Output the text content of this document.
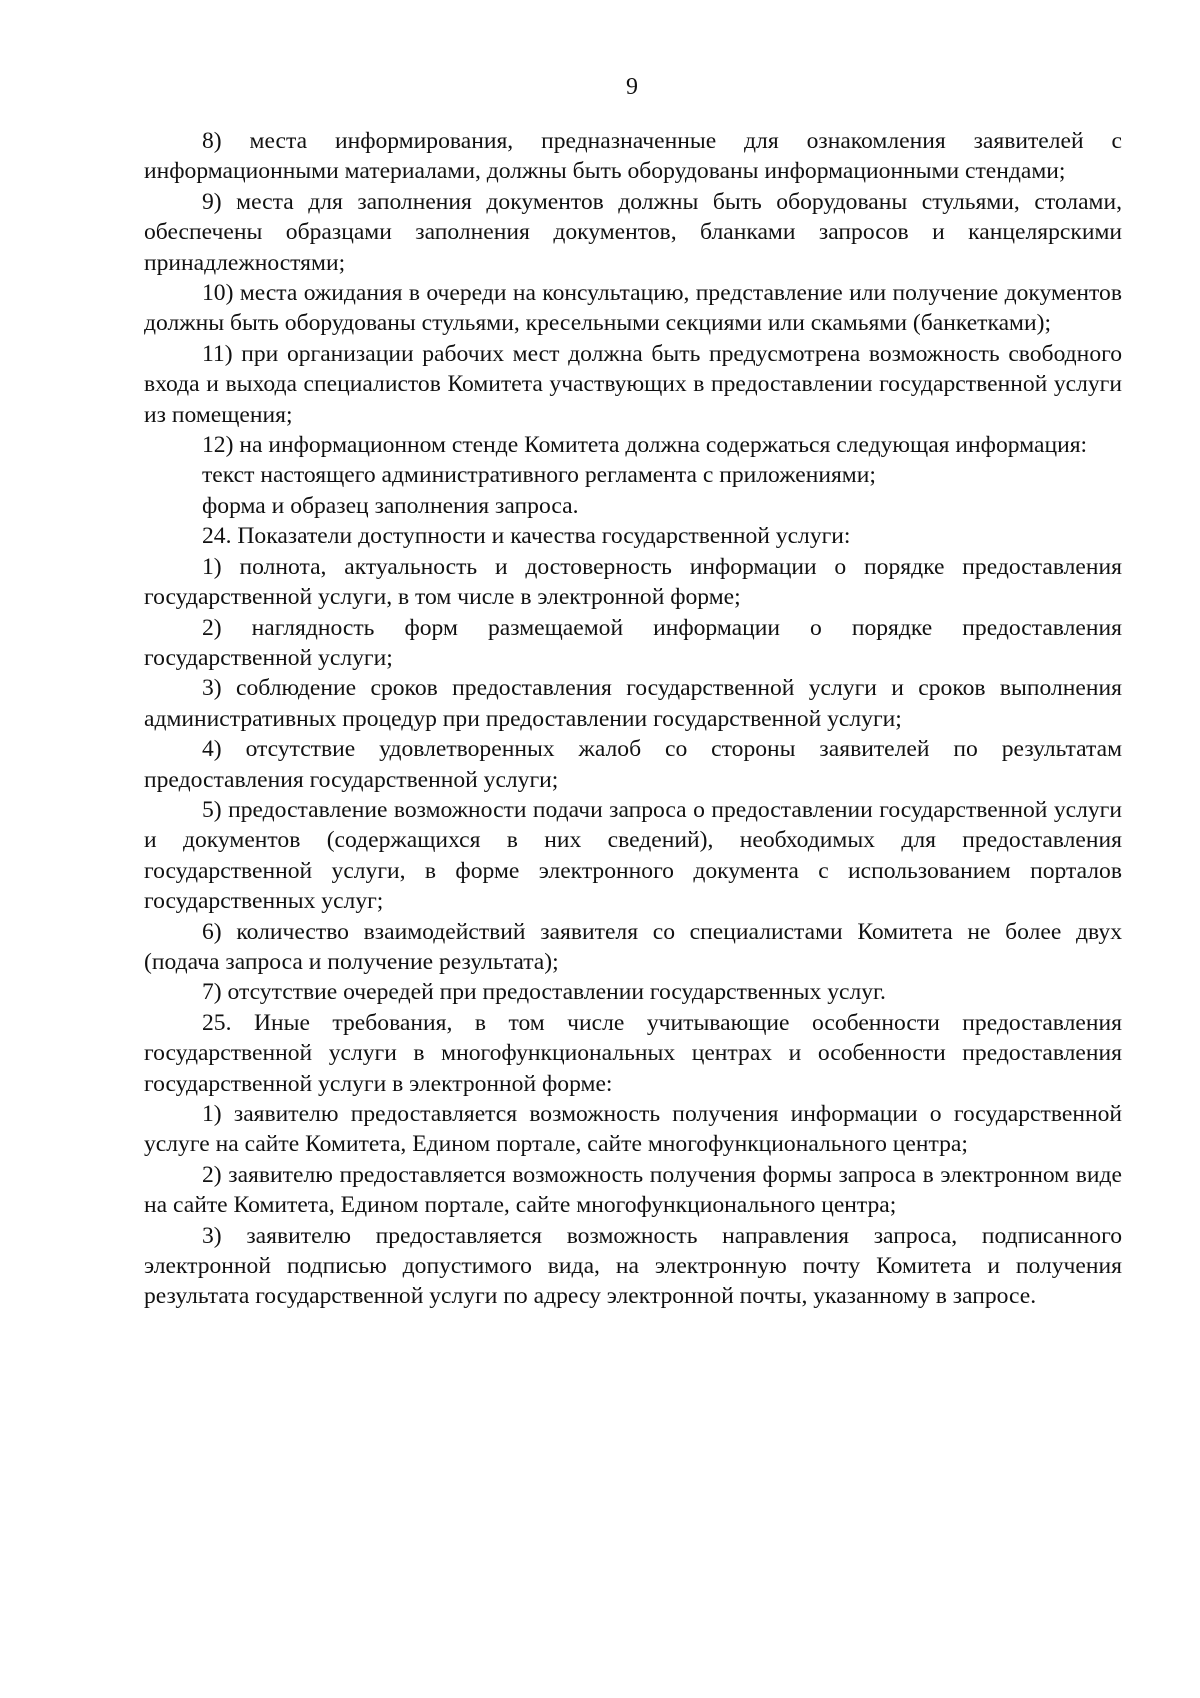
9

8) места информирования, предназначенные для ознакомления заявителей с информационными материалами, должны быть оборудованы информационными стендами;

9) места для заполнения документов должны быть оборудованы стульями, столами, обеспечены образцами заполнения документов, бланками запросов и канцелярскими принадлежностями;

10) места ожидания в очереди на консультацию, представление или получение документов должны быть оборудованы стульями, кресельными секциями или скамьями (банкетками);

11) при организации рабочих мест должна быть предусмотрена возможность свободного входа и выхода специалистов Комитета участвующих в предоставлении государственной услуги из помещения;

12) на информационном стенде Комитета должна содержаться следующая информация:

текст настоящего административного регламента с приложениями;

форма и образец заполнения запроса.

24. Показатели доступности и качества государственной услуги:

1) полнота, актуальность и достоверность информации о порядке предоставления государственной услуги, в том числе в электронной форме;

2) наглядность форм размещаемой информации о порядке предоставления государственной услуги;

3) соблюдение сроков предоставления государственной услуги и сроков выполнения административных процедур при предоставлении государственной услуги;

4) отсутствие удовлетворенных жалоб со стороны заявителей по результатам предоставления государственной услуги;

5) предоставление возможности подачи запроса о предоставлении государственной услуги и документов (содержащихся в них сведений), необходимых для предоставления государственной услуги, в форме электронного документа с использованием порталов государственных услуг;

6) количество взаимодействий заявителя со специалистами Комитета не более двух (подача запроса и получение результата);

7) отсутствие очередей при предоставлении государственных услуг.

25. Иные требования, в том числе учитывающие особенности предоставления государственной услуги в многофункциональных центрах и особенности предоставления государственной услуги в электронной форме:

1) заявителю предоставляется возможность получения информации о государственной услуге на сайте Комитета, Едином портале, сайте многофункционального центра;

2) заявителю предоставляется возможность получения формы запроса в электронном виде на сайте Комитета, Едином портале, сайте многофункционального центра;

3) заявителю предоставляется возможность направления запроса, подписанного электронной подписью допустимого вида, на электронную почту Комитета и получения результата государственной услуги по адресу электронной почты, указанному в запросе.
